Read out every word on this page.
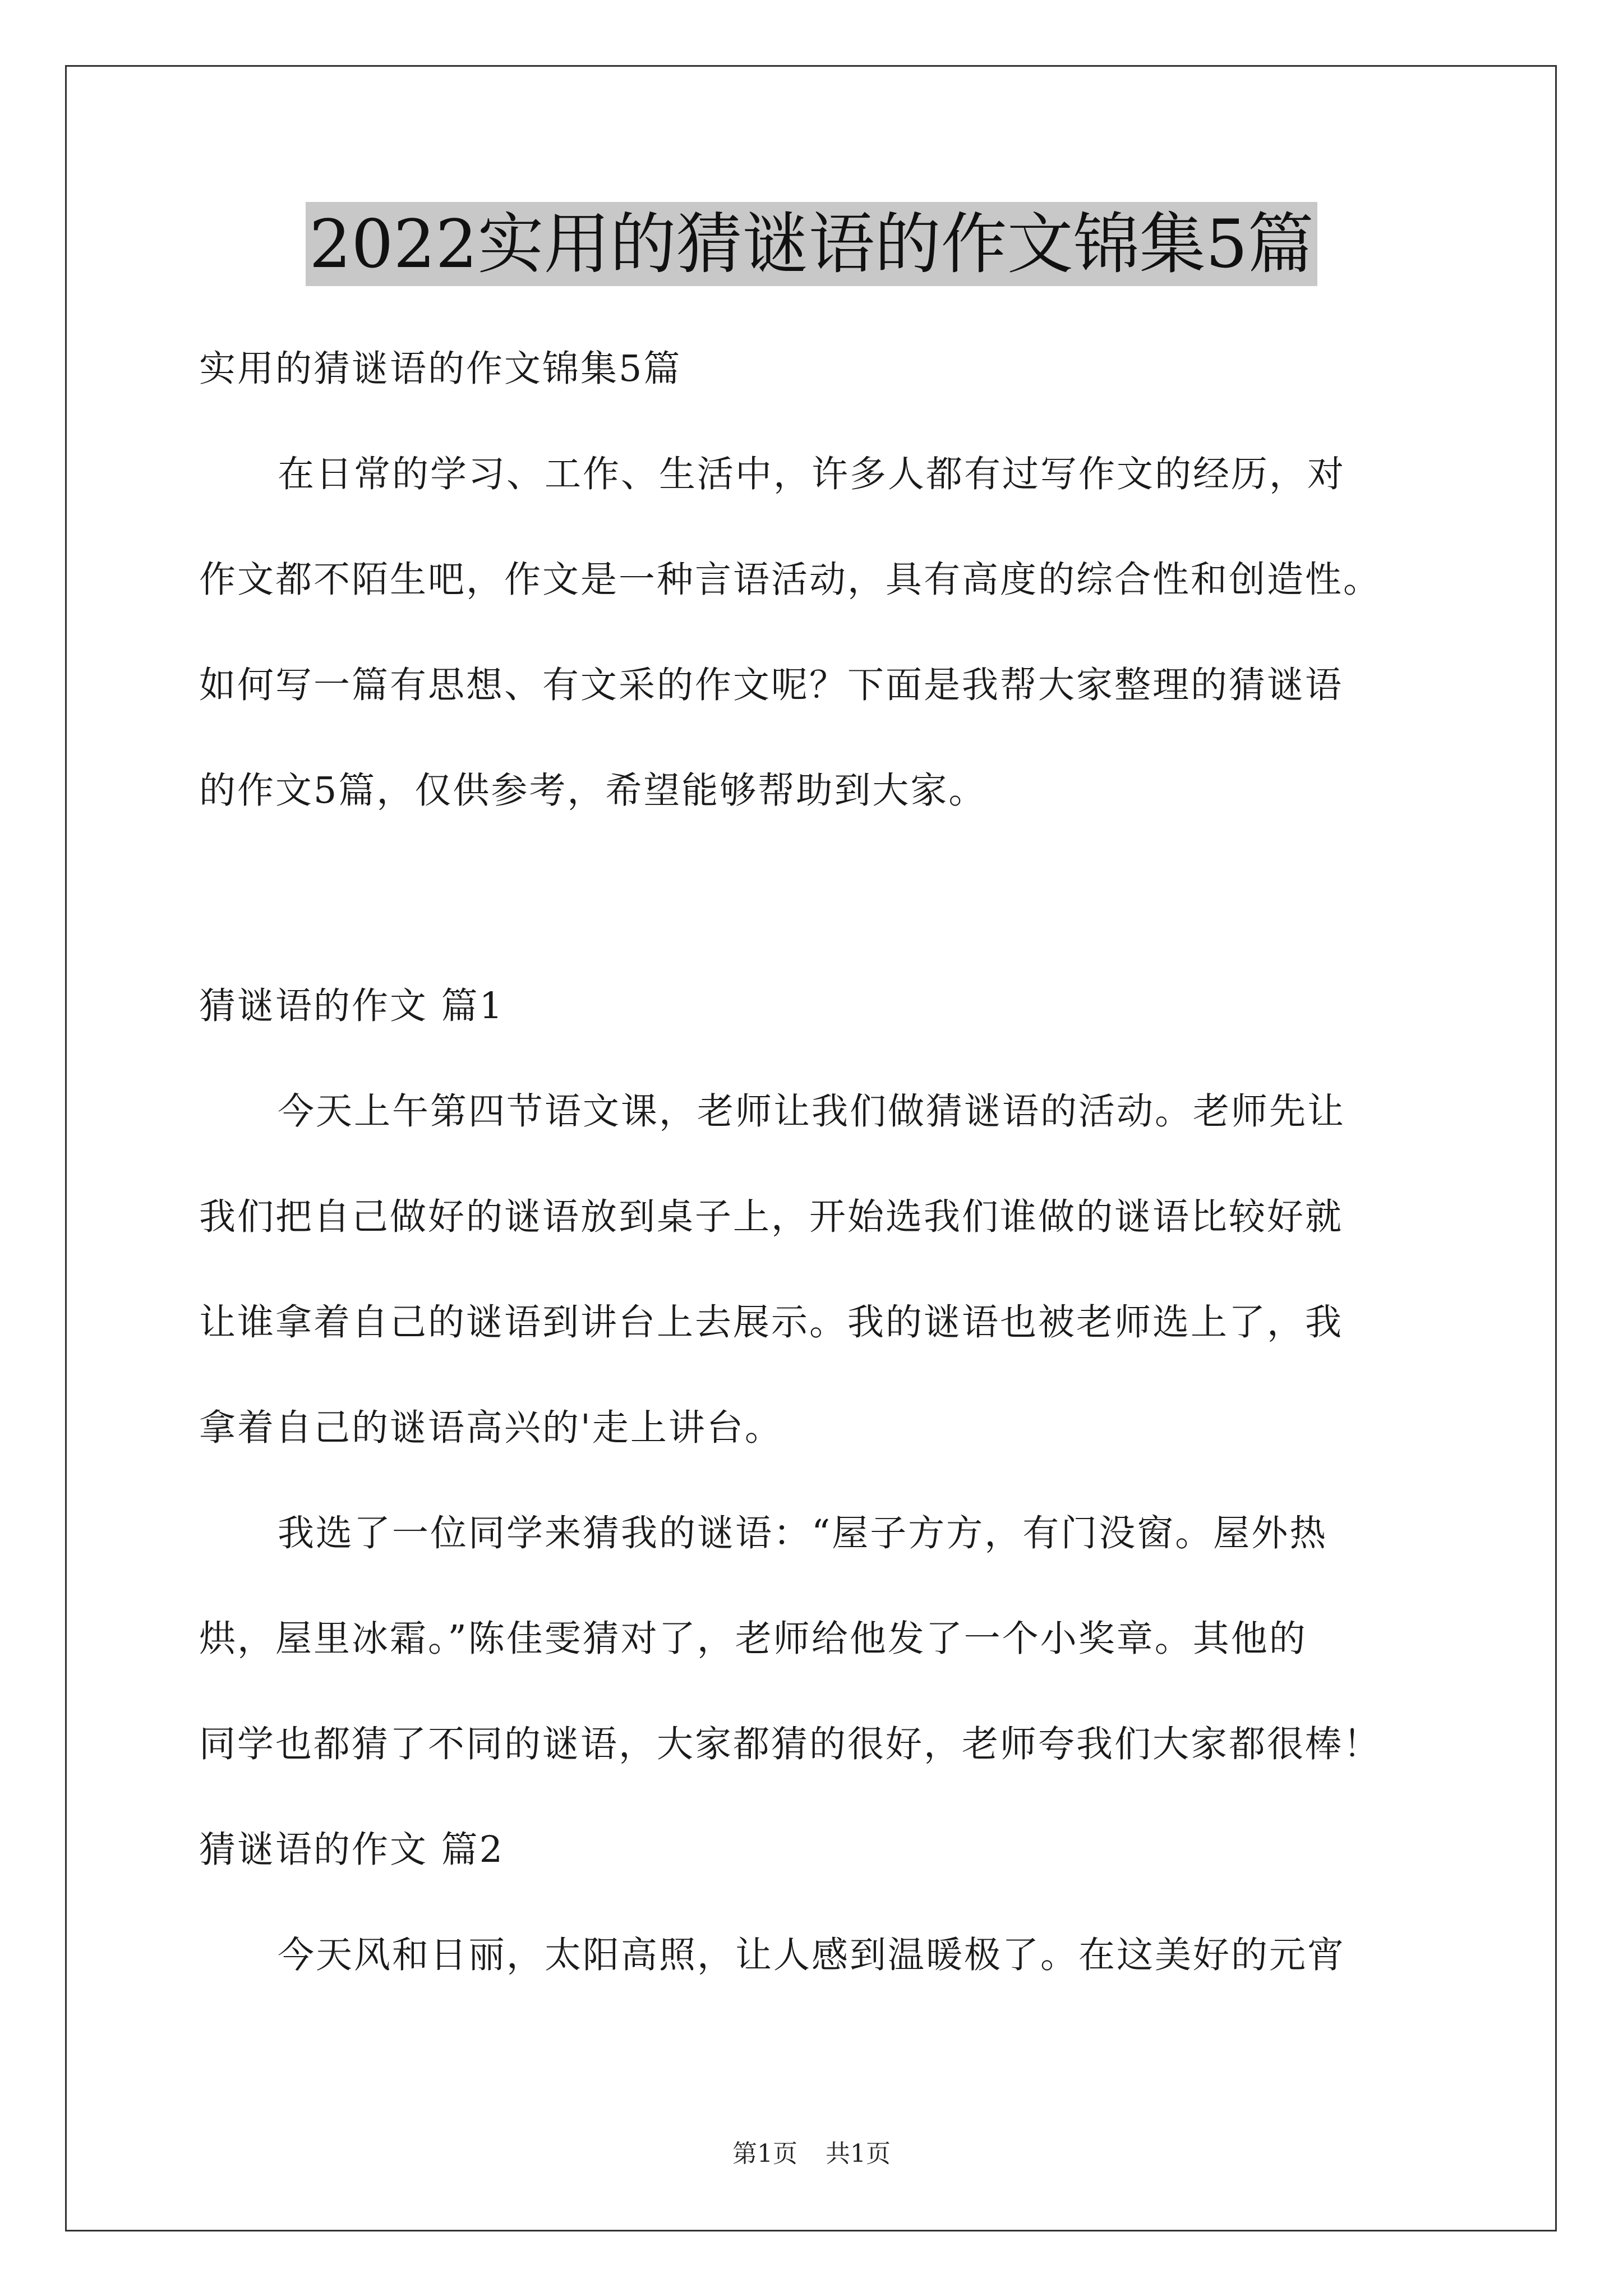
2022实用的猜谜语的作文锦集5篇
实用的猜谜语的作文锦集5篇
在日常的学习、工作、生活中，许多人都有过写作文的经历，对
作文都不陌生吧，作文是一种言语活动，具有高度的综合性和创造性。
如何写一篇有思想、有文采的作文呢？下面是我帮大家整理的猜谜语
的作文5篇，仅供参考，希望能够帮助到大家。
猜谜语的作文 篇1
今天上午第四节语文课，老师让我们做猜谜语的活动。老师先让
我们把自己做好的谜语放到桌子上，开始选我们谁做的谜语比较好就
让谁拿着自己的谜语到讲台上去展示。我的谜语也被老师选上了，我
拿着自己的谜语高兴的'走上讲台。
我选了一位同学来猜我的谜语：“屋子方方，有门没窗。屋外热
烘，屋里冰霜。”陈佳雯猜对了，老师给他发了一个小奖章。其他的
同学也都猜了不同的谜语，大家都猜的很好，老师夸我们大家都很棒！
猜谜语的作文 篇2
今天风和日丽，太阳高照，让人感到温暖极了。在这美好的元宵
第1页 共1页
